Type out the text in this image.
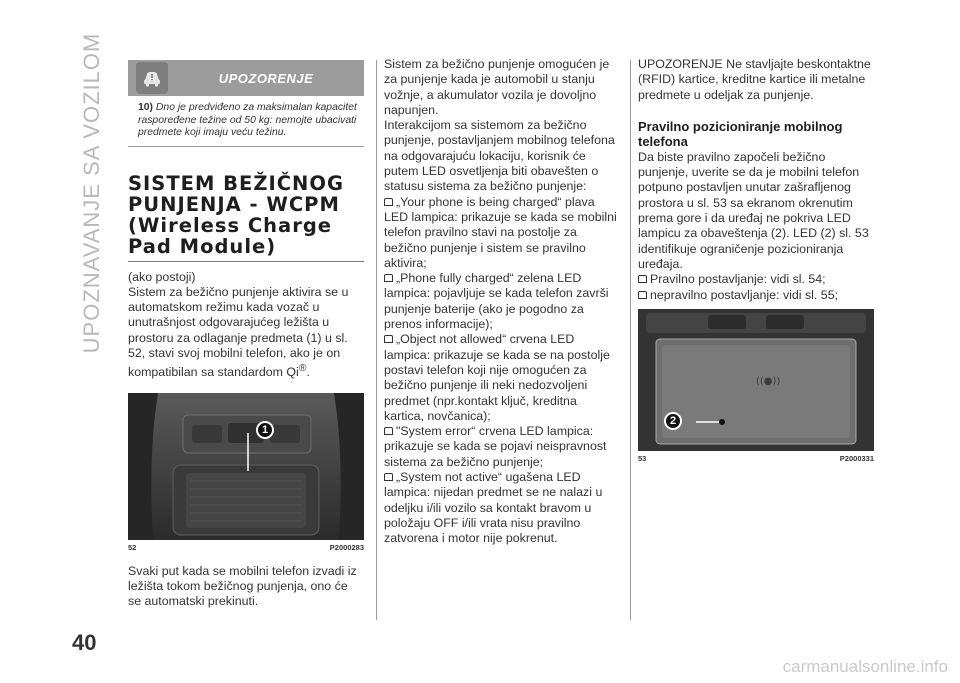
UPOZNAVANJE SA VOZILOM
40
UPOZORENJE
10) Dno je predviđeno za maksimalan kapacitet raspoređene težine od 50 kg: nemojte ubacivati predmete koji imaju veću težinu.
SISTEM BEŽIČNOG
PUNJENJA - WCPM
(Wireless Charge
Pad Module)

(ako postoji)

Sistem za bežično punjenje aktivira se u automatskom režimu kada vozač u unutrašnjost odgovarajućeg ležišta u prostoru za odlaganje predmeta (1) u sl. 52, stavi svoj mobilni telefon, ako je on kompatibilan sa standardom Qi®.

1
52	P2000283

Svaki put kada se mobilni telefon izvadi iz ležišta tokom bežičnog punjenja, ono će se automatski prekinuti.

Sistem za bežično punjenje omogućen je za punjenje kada je automobil u stanju vožnje, a akumulator vozila je dovoljno napunjen.

Interakcijom sa sistemom za bežično punjenje, postavljanjem mobilnog telefona na odgovarajuću lokaciju, korisnik će putem LED osvetljenja biti obavešten o statusu sistema za bežično punjenje:

„Your phone is being charged“ plava LED lampica: prikazuje se kada se mobilni telefon pravilno stavi na postolje za bežično punjenje i sistem se pravilno aktivira;

„Phone fully charged“ zelena LED lampica: pojavljuje se kada telefon završi punjenje baterije (ako je pogodno za prenos informacije);

„Object not allowed“ crvena LED lampica: prikazuje se kada se na postolje postavi telefon koji nije omogućen za bežično punjenje ili neki nedozvoljeni predmet (npr.kontakt ključ, kreditna kartica, novčanica);

"System error“ crvena LED lampica: prikazuje se kada se pojavi neispravnost sistema za bežično punjenje;

„System not active“ ugašena LED lampica: nijedan predmet se ne nalazi u odeljku i/ili vozilo sa kontakt bravom u položaju OFF i/ili vrata nisu pravilno zatvorena i motor nije pokrenut.

UPOZORENJE Ne stavljajte beskontaktne (RFID) kartice, kreditne kartice ili metalne predmete u odeljak za punjenje.

Pravilno pozicioniranje mobilnog telefona

Da biste pravilno započeli bežično punjenje, uverite se da je mobilni telefon potpuno postavljen unutar zašrafljenog prostora u sl. 53 sa ekranom okrenutim prema gore i da uređaj ne pokriva LED lampicu za obaveštenja (2). LED (2) sl. 53 identifikuje ograničenje pozicioniranja uređaja.

Pravilno postavljanje: vidi sl. 54;

nepravilno postavljanje: vidi sl. 55;

((●))
2
53	P2000331
carmanualsonline.info
